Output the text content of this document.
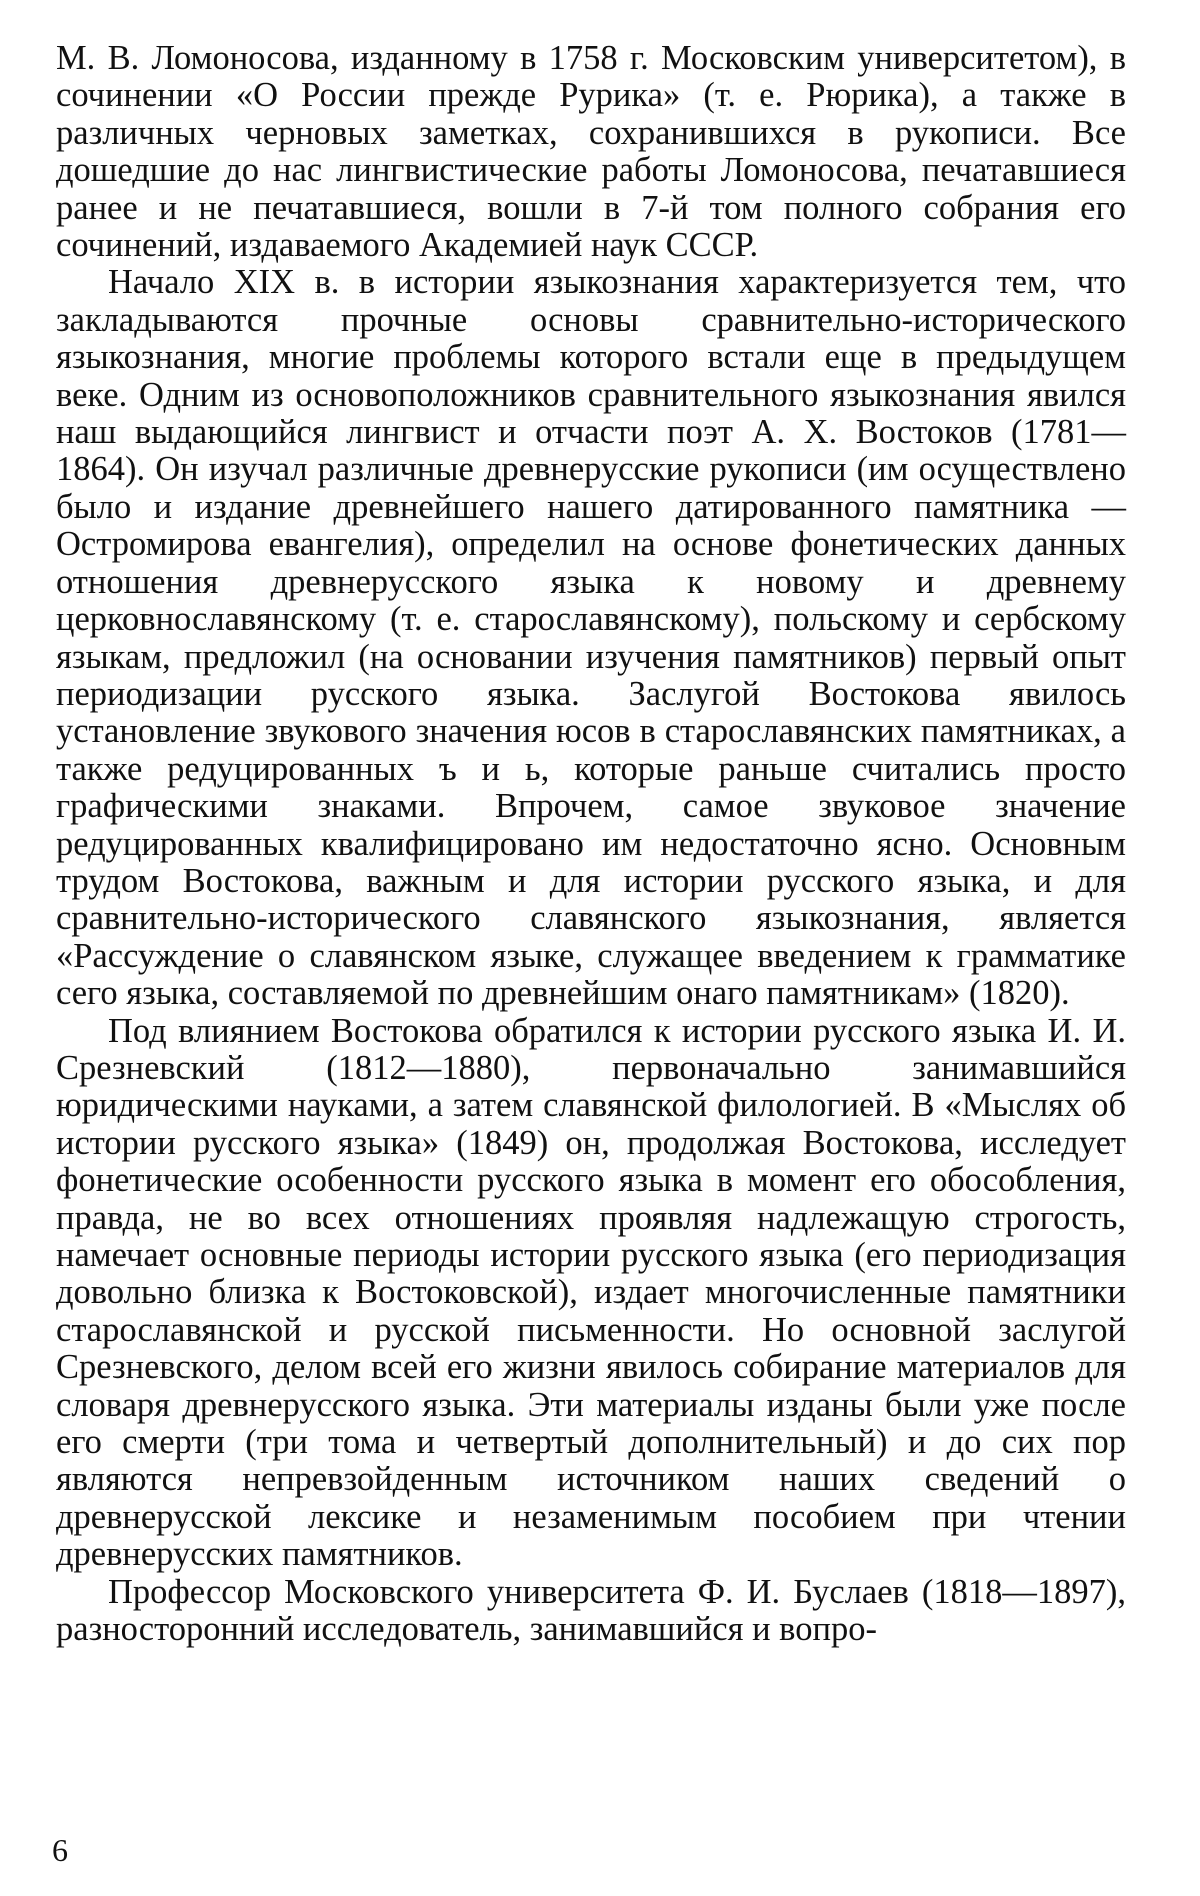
М. В. Ломоносова, изданному в 1758 г. Московским университетом), в сочинении «О России прежде Рурика» (т. е. Рюрика), а также в различных черновых заметках, сохранившихся в рукописи. Все дошедшие до нас лингвистические работы Ломоносова, печатавшиеся ранее и не печатавшиеся, вошли в 7-й том полного собрания его сочинений, издаваемого Академией наук СССР.

Начало XIX в. в истории языкознания характеризуется тем, что закладываются прочные основы сравнительно-исторического языкознания, многие проблемы которого встали еще в предыдущем веке. Одним из основоположников сравнительного языкознания явился наш выдающийся лингвист и отчасти поэт А. Х. Востоков (1781—1864). Он изучал различные древнерусские рукописи (им осуществлено было и издание древнейшего нашего датированного памятника — Остромирова евангелия), определил на основе фонетических данных отношения древнерусского языка к новому и древнему церковнославянскому (т. е. старославянскому), польскому и сербскому языкам, предложил (на основании изучения памятников) первый опыт периодизации русского языка. Заслугой Востокова явилось установление звукового значения юсов в старославянских памятниках, а также редуцированных ъ и ь, которые раньше считались просто графическими знаками. Впрочем, самое звуковое значение редуцированных квалифицировано им недостаточно ясно. Основным трудом Востокова, важным и для истории русского языка, и для сравнительно-исторического славянского языкознания, является «Рассуждение о славянском языке, служащее введением к грамматике сего языка, составляемой по древнейшим онаго памятникам» (1820).

Под влиянием Востокова обратился к истории русского языка И. И. Срезневский (1812—1880), первоначально занимавшийся юридическими науками, а затем славянской филологией. В «Мыслях об истории русского языка» (1849) он, продолжая Востокова, исследует фонетические особенности русского языка в момент его обособления, правда, не во всех отношениях проявляя надлежащую строгость, намечает основные периоды истории русского языка (его периодизация довольно близка к Востоковской), издает многочисленные памятники старославянской и русской письменности. Но основной заслугой Срезневского, делом всей его жизни явилось собирание материалов для словаря древнерусского языка. Эти материалы изданы были уже после его смерти (три тома и четвертый дополнительный) и до сих пор являются непревзойденным источником наших сведений о древнерусской лексике и незаменимым пособием при чтении древнерусских памятников.

Профессор Московского университета Ф. И. Буслаев (1818—1897), разносторонний исследователь, занимавшийся и вопро-

6
